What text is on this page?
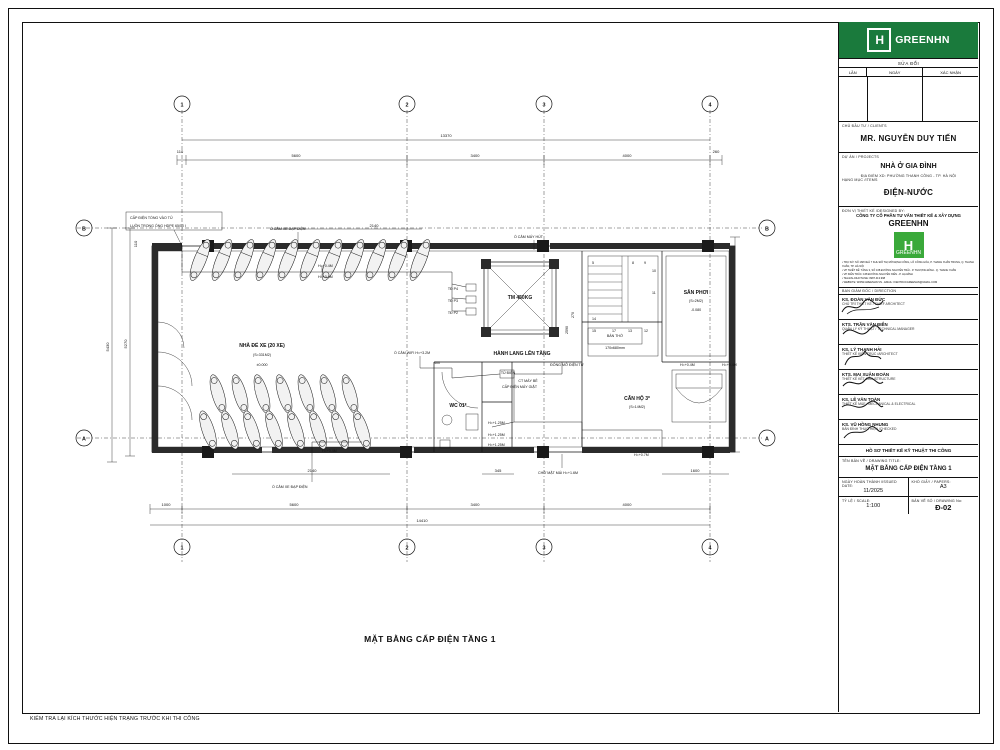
1	2	3	4
1	2	3	4
B
A
B
A
13370
110
5600	3400	4000
260
1000	5600	3400	4000
14410
5430	5270
110
TM 450KG
5	8	9
10
11
14
15	17	13	12
SÂN PHƠI
(S=2M2)
-0.080
CĂN HỘ 3*
(S=14M2)
WC 01*
BÀN THỜ
170x680mm
HÀNH LANG LÊN TẦNG
ĐÓNG MỞ ĐIỆN TỬ
TỦ ĐIỆN
CT MÁY BẺ
NHÀ ĐỂ XE (20 XE)
(S=331M2)
±0.000
CẤP ĐIỆN TỔNG VÀO TỦ
LUỒN TRONG ỐNG HDPE 65/50 I
Ổ CẮM XE ĐẠP ĐIỆN
Ổ CẮM MÁY HÚT
Ổ CẮM WIFI H=+3.2M
Ổ CẮM XE ĐẠP ĐIỆN
CHỜ MẶT MÁI H=+1.6M
CẤP ĐIỆN MÁY GIẶT
TĐ P4
TĐ P3
TĐ P2
H=+0.4M
H=+0.4M
H=+0.4M
H=+1.25M
H=+1.25M
H=+1.25M
H=+0.7M
H=+0.4M	H=+0.4M
400
2590
270
2140
2140	1600
345
MẶT BẰNG CẤP ĐIỆN TẦNG 1
KIỂM TRA LẠI KÍCH THƯỚC HIỆN TRẠNG TRƯỚC KHI THI CÔNG
H	GREENHN
SỬA ĐỔI
LẦN	NGÀY	XÁC NHẬN
CHỦ ĐẦU TƯ / CLIENTS
MR. NGUYỄN DUY TIẾN
DỰ ÁN / PROJECTS
NHÀ Ở GIA ĐÌNH
ĐỊA ĐIỂM XD: PHƯỜNG THANH CÔNG - TP. HÀ NỘI
HẠNG MỤC /ITEMS
ĐIỆN-NƯỚC
ĐƠN VỊ THIẾT KẾ /DESIGNED BY:
CÔNG TY CỔ PHẦN TƯ VẤN THIẾT KẾ & XÂY DỰNG
GREENHN
H
GREENHN
• TRỤ SỞ: SỐ 168 NHÀ 7 KHU ĐÔ THỊ MỚI ĐỊNH CÔNG, LÔ CÔNG HÒA, P. THANH XUÂN TRUNG, Q. THANH XUÂN, TP. HÀ NỘI
• VP THIẾT KẾ: TẦNG 3, SỐ 168 ĐƯỜNG NGUYỄN TRÃI - P. THƯỢNG ĐÌNH - Q. THANH XUÂN
• VP KIẾN TRÚC: 168 ĐƯỜNG NGUYỄN XIỂN - P. HẠ ĐÌNH
• TEL/ZALO/HOTLINE: 0987.413.998
• WEBSITE: WWW.GREENHN.VN - EMAIL: KIENTRUCGREENHN@GMAIL.COM
BAN GIÁM ĐỐC / DIRECTION
KS. ĐOÀN VĂN ĐỨC
CHỦ TRÌ THIẾT KẾ / CHIEF ARCHITECT
KTS. TRẦN VĂN ĐIỂN
QUẢN LÝ KỸ THUẬT / TECHNICAL MANAGER
KS. LÝ THANH HẢI
THIẾT KẾ KIẾN TRÚC /ARCHITECT
KTS. MAI XUÂN ĐOÀN
THIẾT KẾ KẾT CẤU /STRUCTURE
KS. LÊ VĂN TOÀN
THIẾT KẾ M&E / MECHANICAL & ELECTRICAL
KS. VŨ HỒNG NHUNG
BẢN ĐÌNH THỰC HIỆN /CHECKED
HỒ SƠ THIẾT KẾ KỸ THUẬT THI CÔNG
TÊN BẢN VẼ / DRAWING TITLE:
MẶT BẰNG CẤP ĐIỆN TẦNG 1
NGÀY HOÀN THÀNH /ISSUED DATE:
11/2025
KHỔ GIẤY / PAPERS:
A3
TỶ LỆ / SCALE:
1:100
BẢN VẼ SỐ / DRAWING No:
Đ-02
